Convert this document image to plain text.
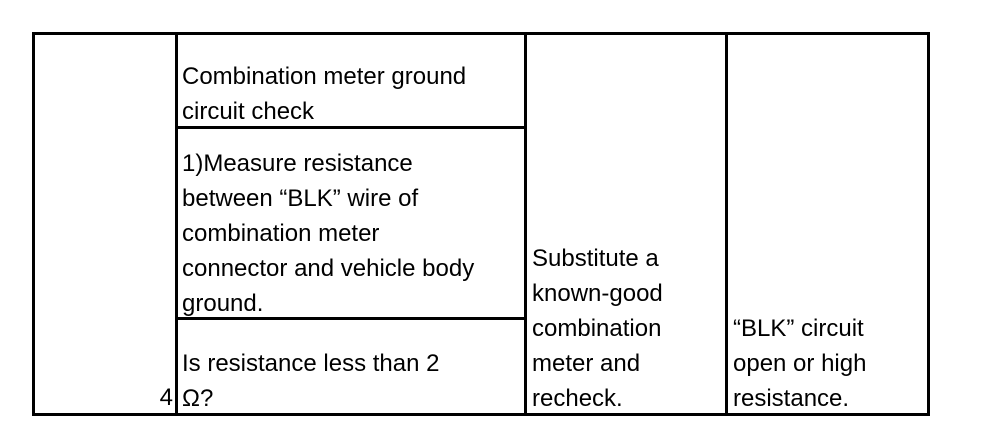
4
Combination meter ground
circuit check
1)Measure resistance
between “BLK” wire of
combination meter
connector and vehicle body
ground.
Is resistance less than 2
Ω?
Substitute a
known-good
combination
meter and
recheck.
“BLK” circuit
open or high
resistance.
